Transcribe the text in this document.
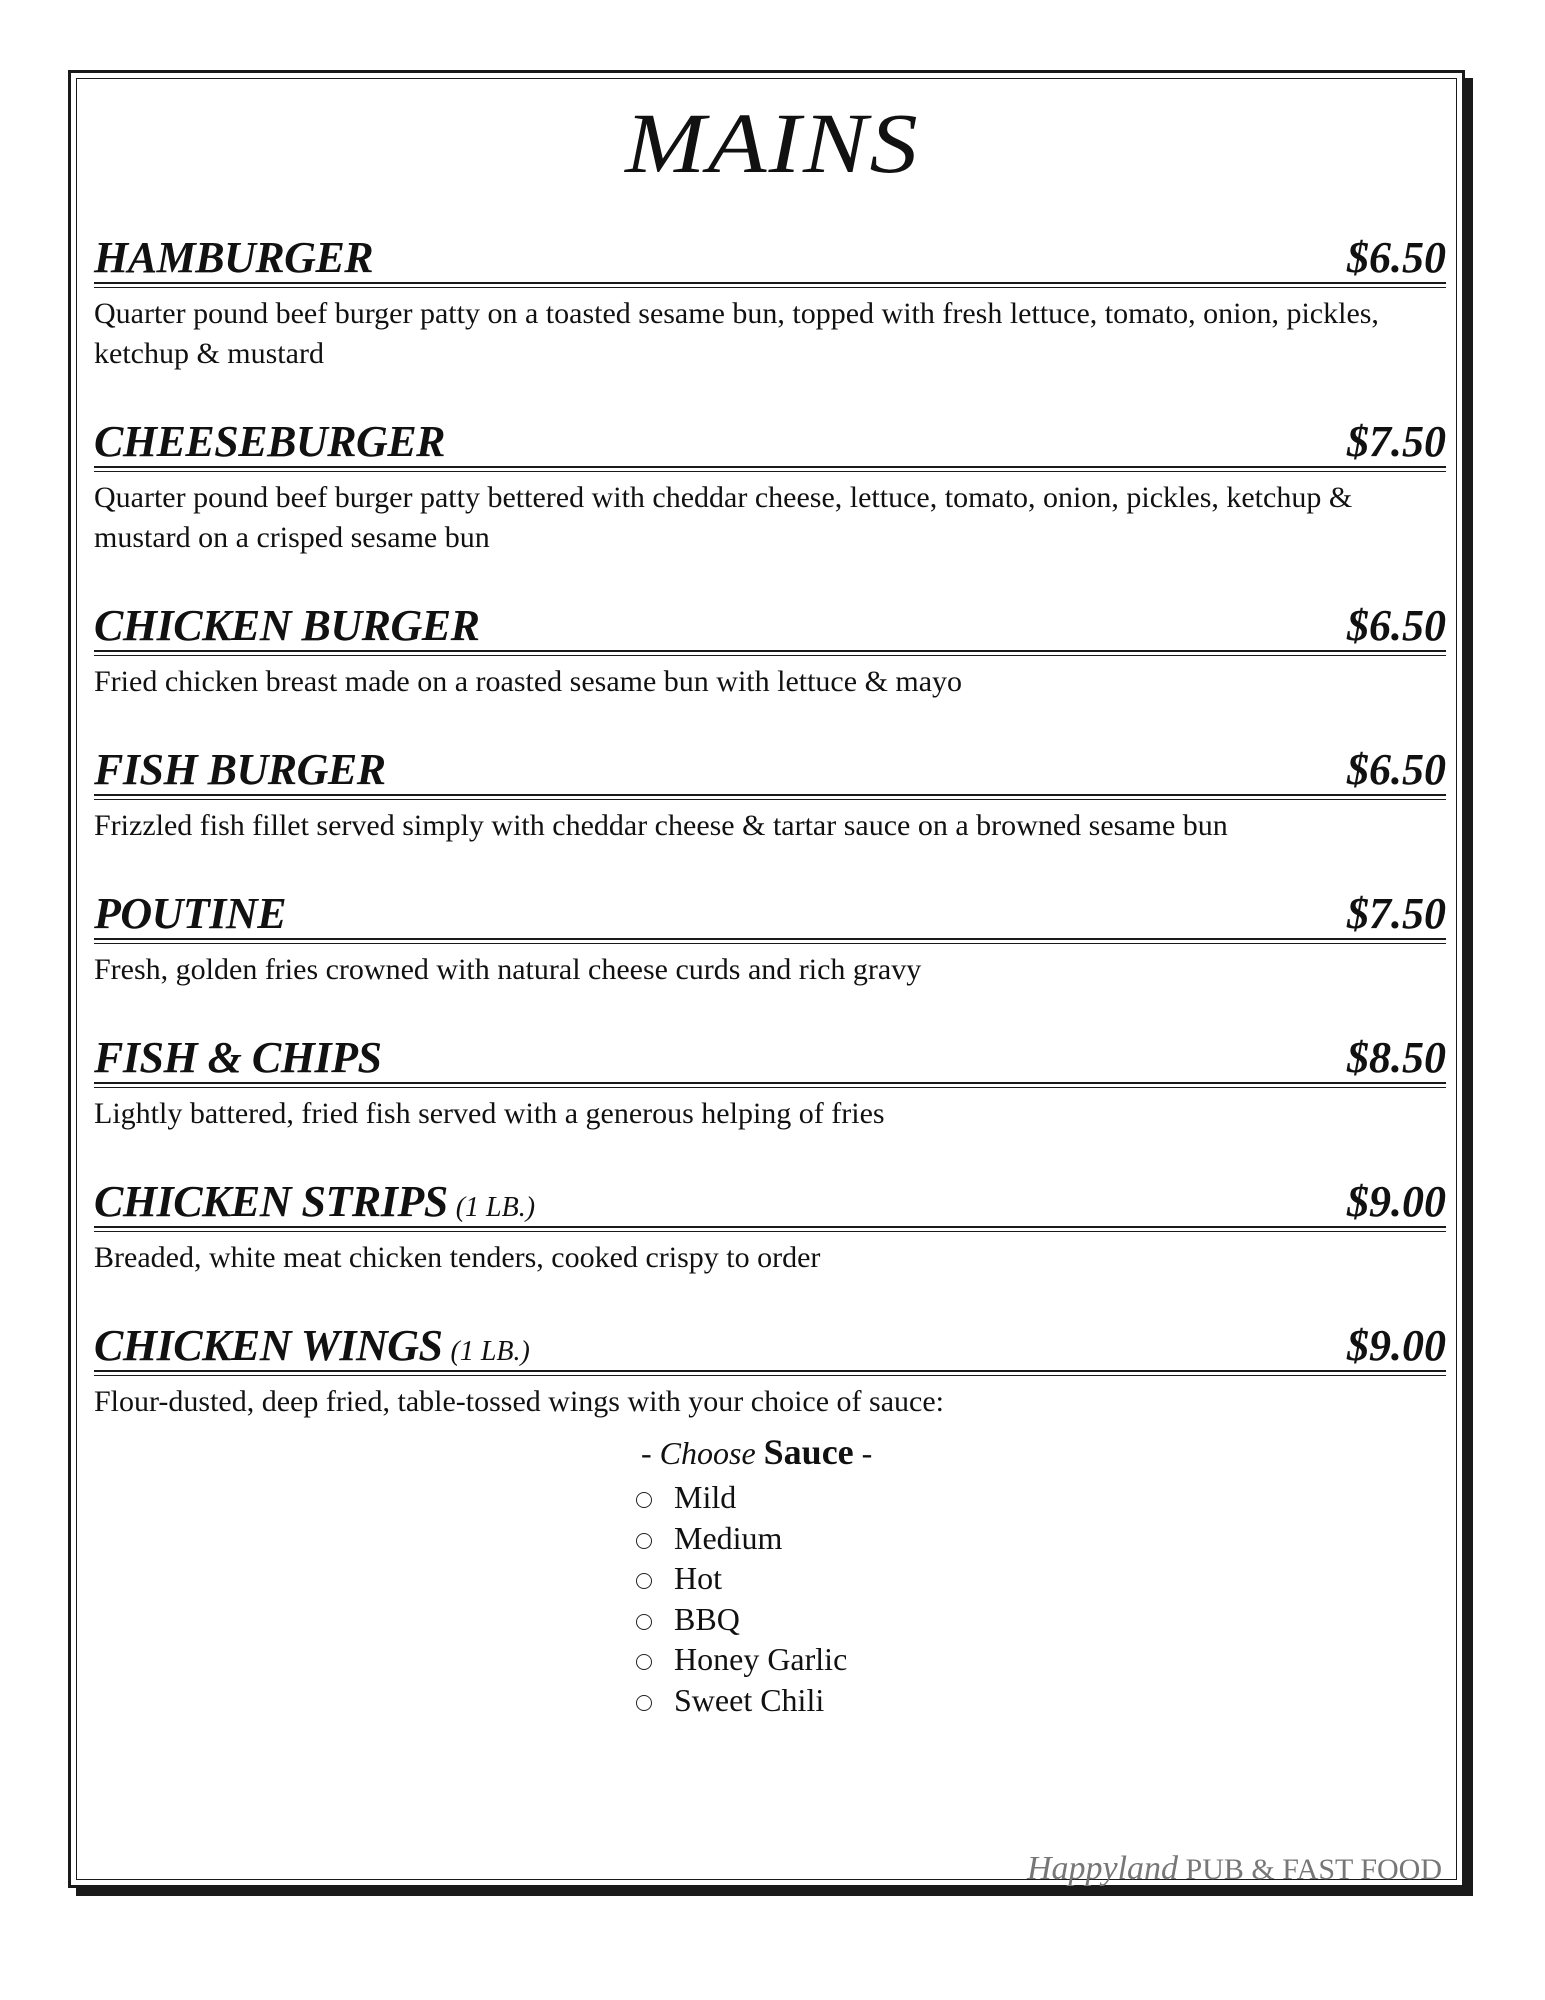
MAINS
HAMBURGER	$6.50
Quarter pound beef burger patty on a toasted sesame bun, topped with fresh lettuce, tomato, onion, pickles, ketchup & mustard
CHEESEBURGER	$7.50
Quarter pound beef burger patty bettered with cheddar cheese, lettuce, tomato, onion, pickles, ketchup & mustard on a crisped sesame bun
CHICKEN BURGER	$6.50
Fried chicken breast made on a roasted sesame bun with lettuce & mayo
FISH BURGER	$6.50
Frizzled fish fillet served simply with cheddar cheese & tartar sauce on a browned sesame bun
POUTINE	$7.50
Fresh, golden fries crowned with natural cheese curds and rich gravy
FISH & CHIPS	$8.50
Lightly battered, fried fish served with a generous helping of fries
CHICKEN STRIPS (1 LB.)	$9.00
Breaded, white meat chicken tenders, cooked crispy to order
CHICKEN WINGS (1 LB.)	$9.00
Flour-dusted, deep fried, table-tossed wings with your choice of sauce:
- Choose Sauce -
Mild
Medium
Hot
BBQ
Honey Garlic
Sweet Chili
Happyland PUB & FAST FOOD
